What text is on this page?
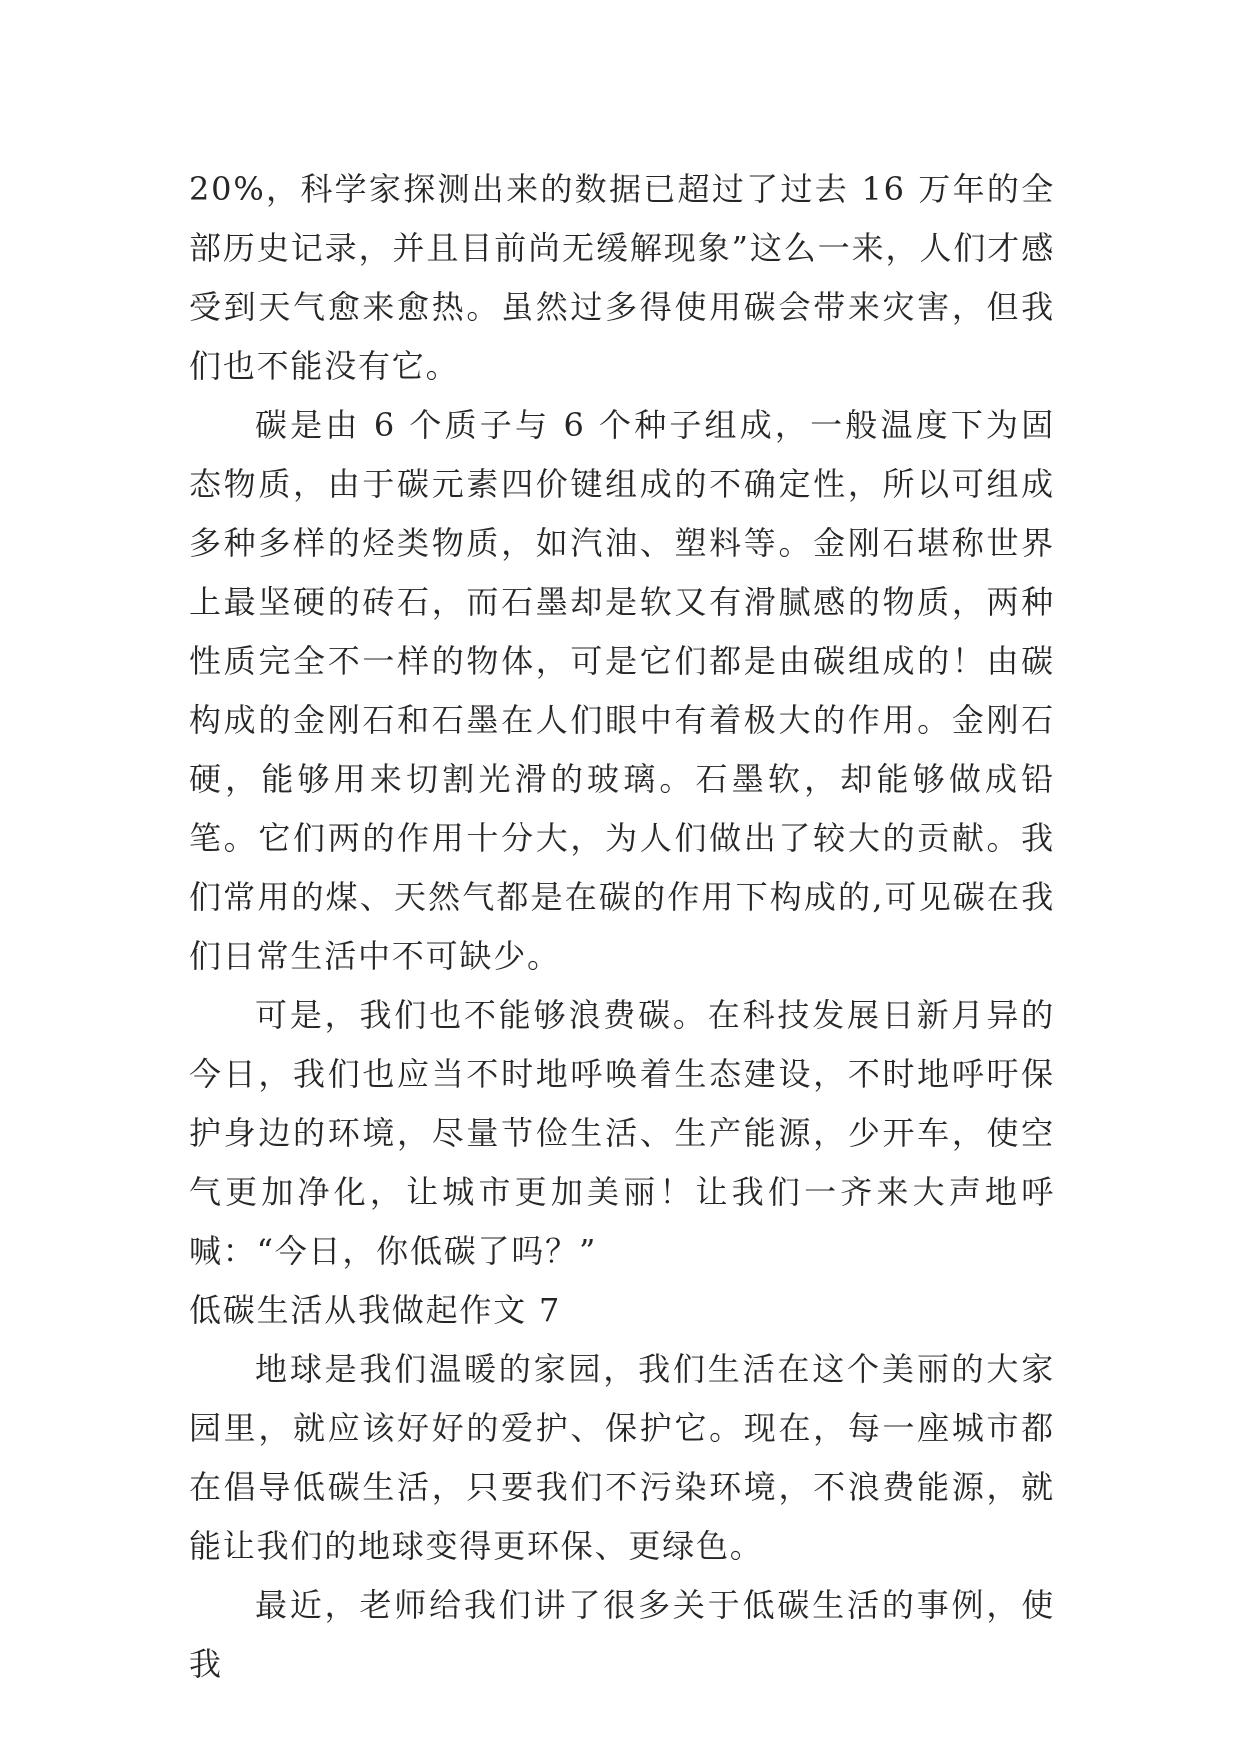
20%，科学家探测出来的数据已超过了过去 16 万年的全部历史记录，并且目前尚无缓解现象”这么一来，人们才感受到天气愈来愈热。虽然过多得使用碳会带来灾害，但我们也不能没有它。

碳是由 6 个质子与 6 个种子组成，一般温度下为固态物质，由于碳元素四价键组成的不确定性，所以可组成多种多样的烃类物质，如汽油、塑料等。金刚石堪称世界上最坚硬的砖石，而石墨却是软又有滑腻感的物质，两种性质完全不一样的物体，可是它们都是由碳组成的！由碳构成的金刚石和石墨在人们眼中有着极大的作用。金刚石硬，能够用来切割光滑的玻璃。石墨软，却能够做成铅笔。它们两的作用十分大，为人们做出了较大的贡献。我们常用的煤、天然气都是在碳的作用下构成的,可见碳在我们日常生活中不可缺少。

可是，我们也不能够浪费碳。在科技发展日新月异的今日，我们也应当不时地呼唤着生态建设，不时地呼吁保护身边的环境，尽量节俭生活、生产能源，少开车，使空气更加净化，让城市更加美丽！让我们一齐来大声地呼喊：“今日，你低碳了吗？”

低碳生活从我做起作文 7

地球是我们温暖的家园，我们生活在这个美丽的大家园里，就应该好好的爱护、保护它。现在，每一座城市都在倡导低碳生活，只要我们不污染环境，不浪费能源，就能让我们的地球变得更环保、更绿色。

最近，老师给我们讲了很多关于低碳生活的事例，使我
